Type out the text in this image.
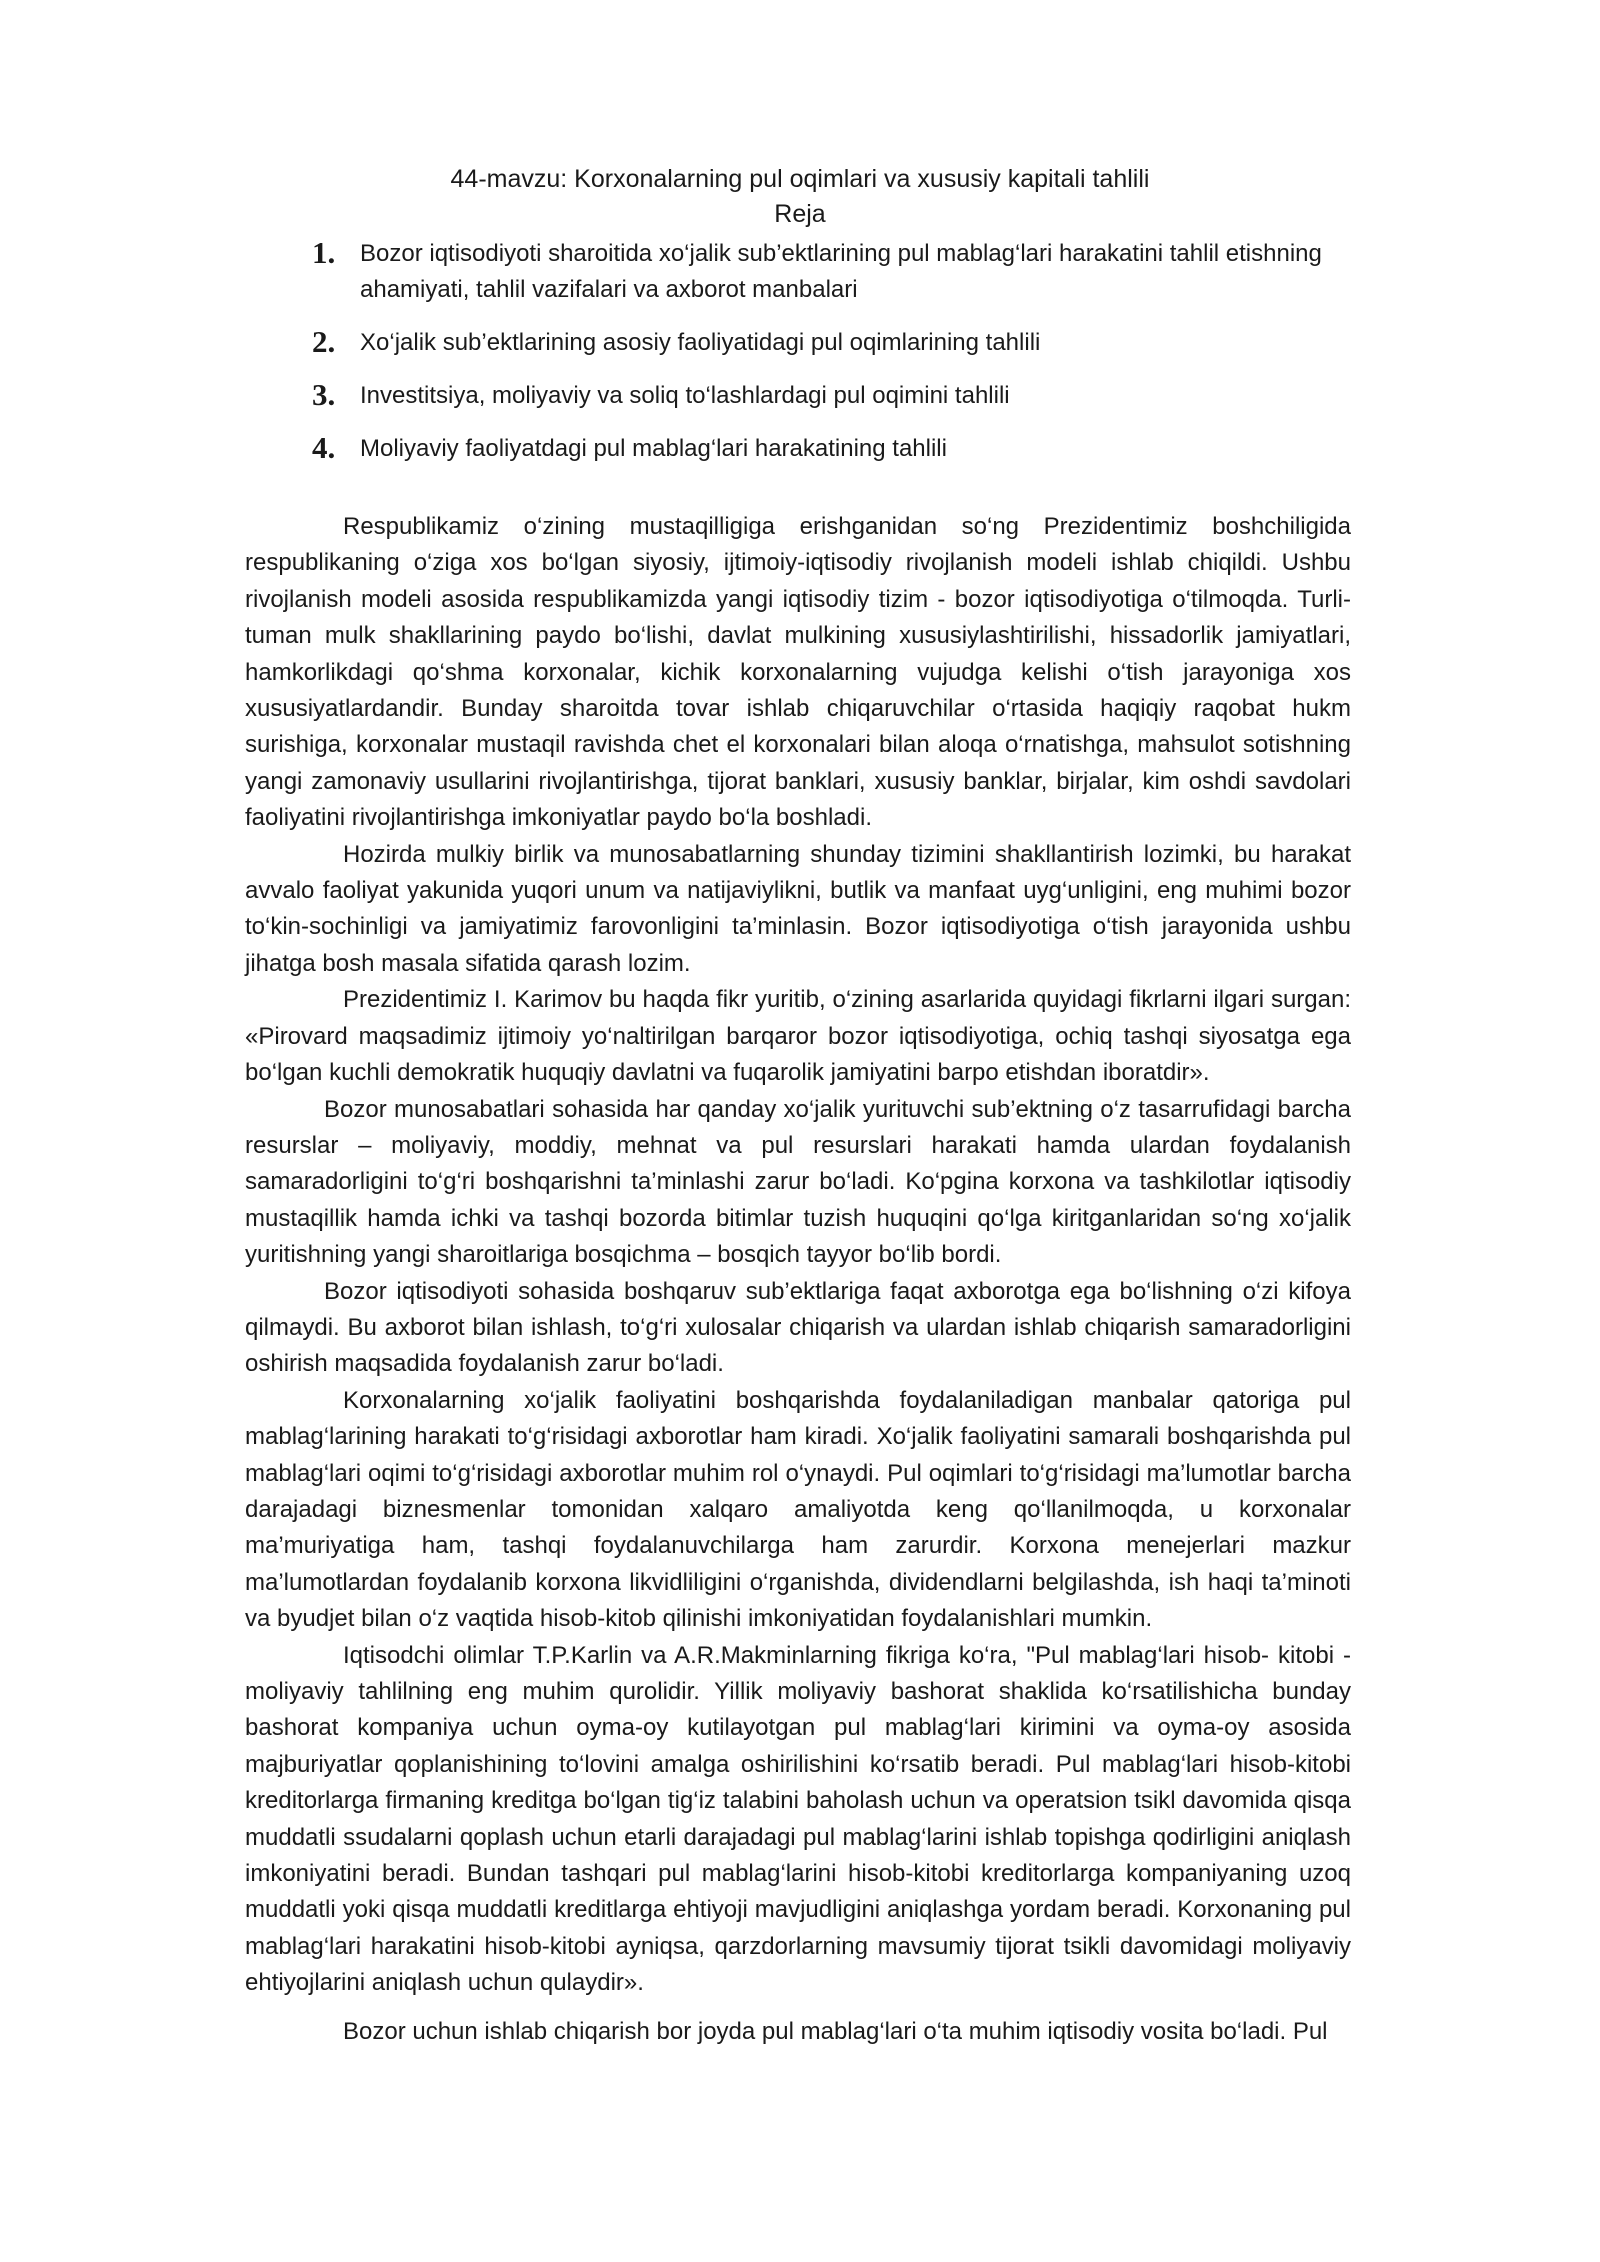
44-mavzu: Korxonalarning pul oqimlari va xususiy kapitali tahlili
Reja
1. Bozor iqtisodiyoti sharoitida xo‘jalik sub’ektlarining pul mablag‘lari harakatini tahlil etishning ahamiyati, tahlil vazifalari va axborot manbalari
2. Xo‘jalik sub’ektlarining asosiy faoliyatidagi pul oqimlarining tahlili
3. Investitsiya, moliyaviy va soliq to‘lashlardagi pul oqimini tahlili
4. Moliyaviy faoliyatdagi pul mablag‘lari harakatining tahlili

Respublikamiz o‘zining mustaqilligiga erishganidan so‘ng Prezidentimiz boshchiligida respublikaning o‘ziga xos bo‘lgan siyosiy, ijtimoiy-iqtisodiy rivojlanish modeli ishlab chiqildi. Ushbu rivojlanish modeli asosida respublikamizda yangi iqtisodiy tizim - bozor iqtisodiyotiga o‘tilmoqda. Turli-tuman mulk shakllarining paydo bo‘lishi, davlat mulkining xususiylashtirilishi, hissadorlik jamiyatlari, hamkorlikdagi qo‘shma korxonalar, kichik korxonalarning vujudga kelishi o‘tish jarayoniga xos xususiyatlardandir. Bunday sharoitda tovar ishlab chiqaruvchilar o‘rtasida haqiqiy raqobat hukm surishiga, korxonalar mustaqil ravishda chet el korxonalari bilan aloqa o‘rnatishga, mahsulot sotishning yangi zamonaviy usullarini rivojlantirishga, tijorat banklari, xususiy banklar, birjalar, kim oshdi savdolari faoliyatini rivojlantirishga imkoniyatlar paydo bo‘la boshladi.

Hozirda mulkiy birlik va munosabatlarning shunday tizimini shakllantirish lozimki, bu harakat avvalo faoliyat yakunida yuqori unum va natijaviylikni, butlik va manfaat uyg‘unligini, eng muhimi bozor to‘kin-sochinligi va jamiyatimiz farovonligini ta’minlasin. Bozor iqtisodiyotiga o‘tish jarayonida ushbu jihatga bosh masala sifatida qarash lozim.

Prezidentimiz I. Karimov bu haqda fikr yuritib, o‘zining asarlarida quyidagi fikrlarni ilgari surgan: «Pirovard maqsadimiz ijtimoiy yo‘naltirilgan barqaror bozor iqtisodiyotiga, ochiq tashqi siyosatga ega bo‘lgan kuchli demokratik huquqiy davlatni va fuqarolik jamiyatini barpo etishdan iboratdir».

Bozor munosabatlari sohasida har qanday xo‘jalik yurituvchi sub’ektning o‘z tasarrufidagi barcha resurslar – moliyaviy, moddiy, mehnat va pul resurslari harakati hamda ulardan foydalanish samaradorligini to‘g‘ri boshqarishni ta’minlashi zarur bo‘ladi. Ko‘pgina korxona va tashkilotlar iqtisodiy mustaqillik hamda ichki va tashqi bozorda bitimlar tuzish huquqini qo‘lga kiritganlaridan so‘ng xo‘jalik yuritishning yangi sharoitlariga bosqichma – bosqich tayyor bo‘lib bordi.

Bozor iqtisodiyoti sohasida boshqaruv sub’ektlariga faqat axborotga ega bo‘lishning o‘zi kifoya qilmaydi. Bu axborot bilan ishlash, to‘g‘ri xulosalar chiqarish va ulardan ishlab chiqarish samaradorligini oshirish maqsadida foydalanish zarur bo‘ladi.

Korxonalarning xo‘jalik faoliyatini boshqarishda foydalaniladigan manbalar qatoriga pul mablag‘larining harakati to‘g‘risidagi axborotlar ham kiradi. Xo‘jalik faoliyatini samarali boshqarishda pul mablag‘lari oqimi to‘g‘risidagi axborotlar muhim rol o‘ynaydi. Pul oqimlari to‘g‘risidagi ma’lumotlar barcha darajadagi biznesmenlar tomonidan xalqaro amaliyotda keng qo‘llanilmoqda, u korxonalar ma’muriyatiga ham, tashqi foydalanuvchilarga ham zarurdir. Korxona menejerlari mazkur ma’lumotlardan foydalanib korxona likvidliligini o‘rganishda, dividendlarni belgilashda, ish haqi ta’minoti va byudjet bilan o‘z vaqtida hisob-kitob qilinishi imkoniyatidan foydalanishlari mumkin.

Iqtisodchi olimlar T.P.Karlin va A.R.Makminlarning fikriga ko‘ra, "Pul mablag‘lari hisob- kitobi - moliyaviy tahlilning eng muhim qurolidir. Yillik moliyaviy bashorat shaklida ko‘rsatilishicha bunday bashorat kompaniya uchun oyma-oy kutilayotgan pul mablag‘lari kirimini va oyma-oy asosida majburiyatlar qoplanishining to‘lovini amalga oshirilishini ko‘rsatib beradi. Pul mablag‘lari hisob-kitobi kreditorlarga firmaning kreditga bo‘lgan tig‘iz talabini baholash uchun va operatsion tsikl davomida qisqa muddatli ssudalarni qoplash uchun etarli darajadagi pul mablag‘larini ishlab topishga qodirligini aniqlash imkoniyatini beradi. Bundan tashqari pul mablag‘larini hisob-kitobi kreditorlarga kompaniyaning uzoq muddatli yoki qisqa muddatli kreditlarga ehtiyoji mavjudligini aniqlashga yordam beradi. Korxonaning pul mablag‘lari harakatini hisob-kitobi ayniqsa, qarzdorlarning mavsumiy tijorat tsikli davomidagi moliyaviy ehtiyojlarini aniqlash uchun qulaydir».

Bozor uchun ishlab chiqarish bor joyda pul mablag‘lari o‘ta muhim iqtisodiy vosita bo‘ladi. Pul
